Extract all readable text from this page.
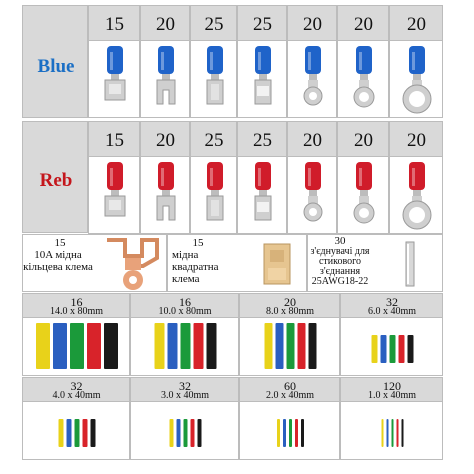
Blue
15	20	25	25	20	20	20
Reb
15	20	25	25	20	20	20
15
10A мідна кільцева клема
15
мідна квадратна клема
30
з'єднувачі для стикового з'єднання 25AWG18-22
16
14.0 x 80mm
16
10.0 x 80mm
20
8.0 x 80mm
32
6.0 x 40mm
32
4.0 x 40mm
32
3.0 x 40mm
60
2.0 x 40mm
120
1.0 x 40mm
